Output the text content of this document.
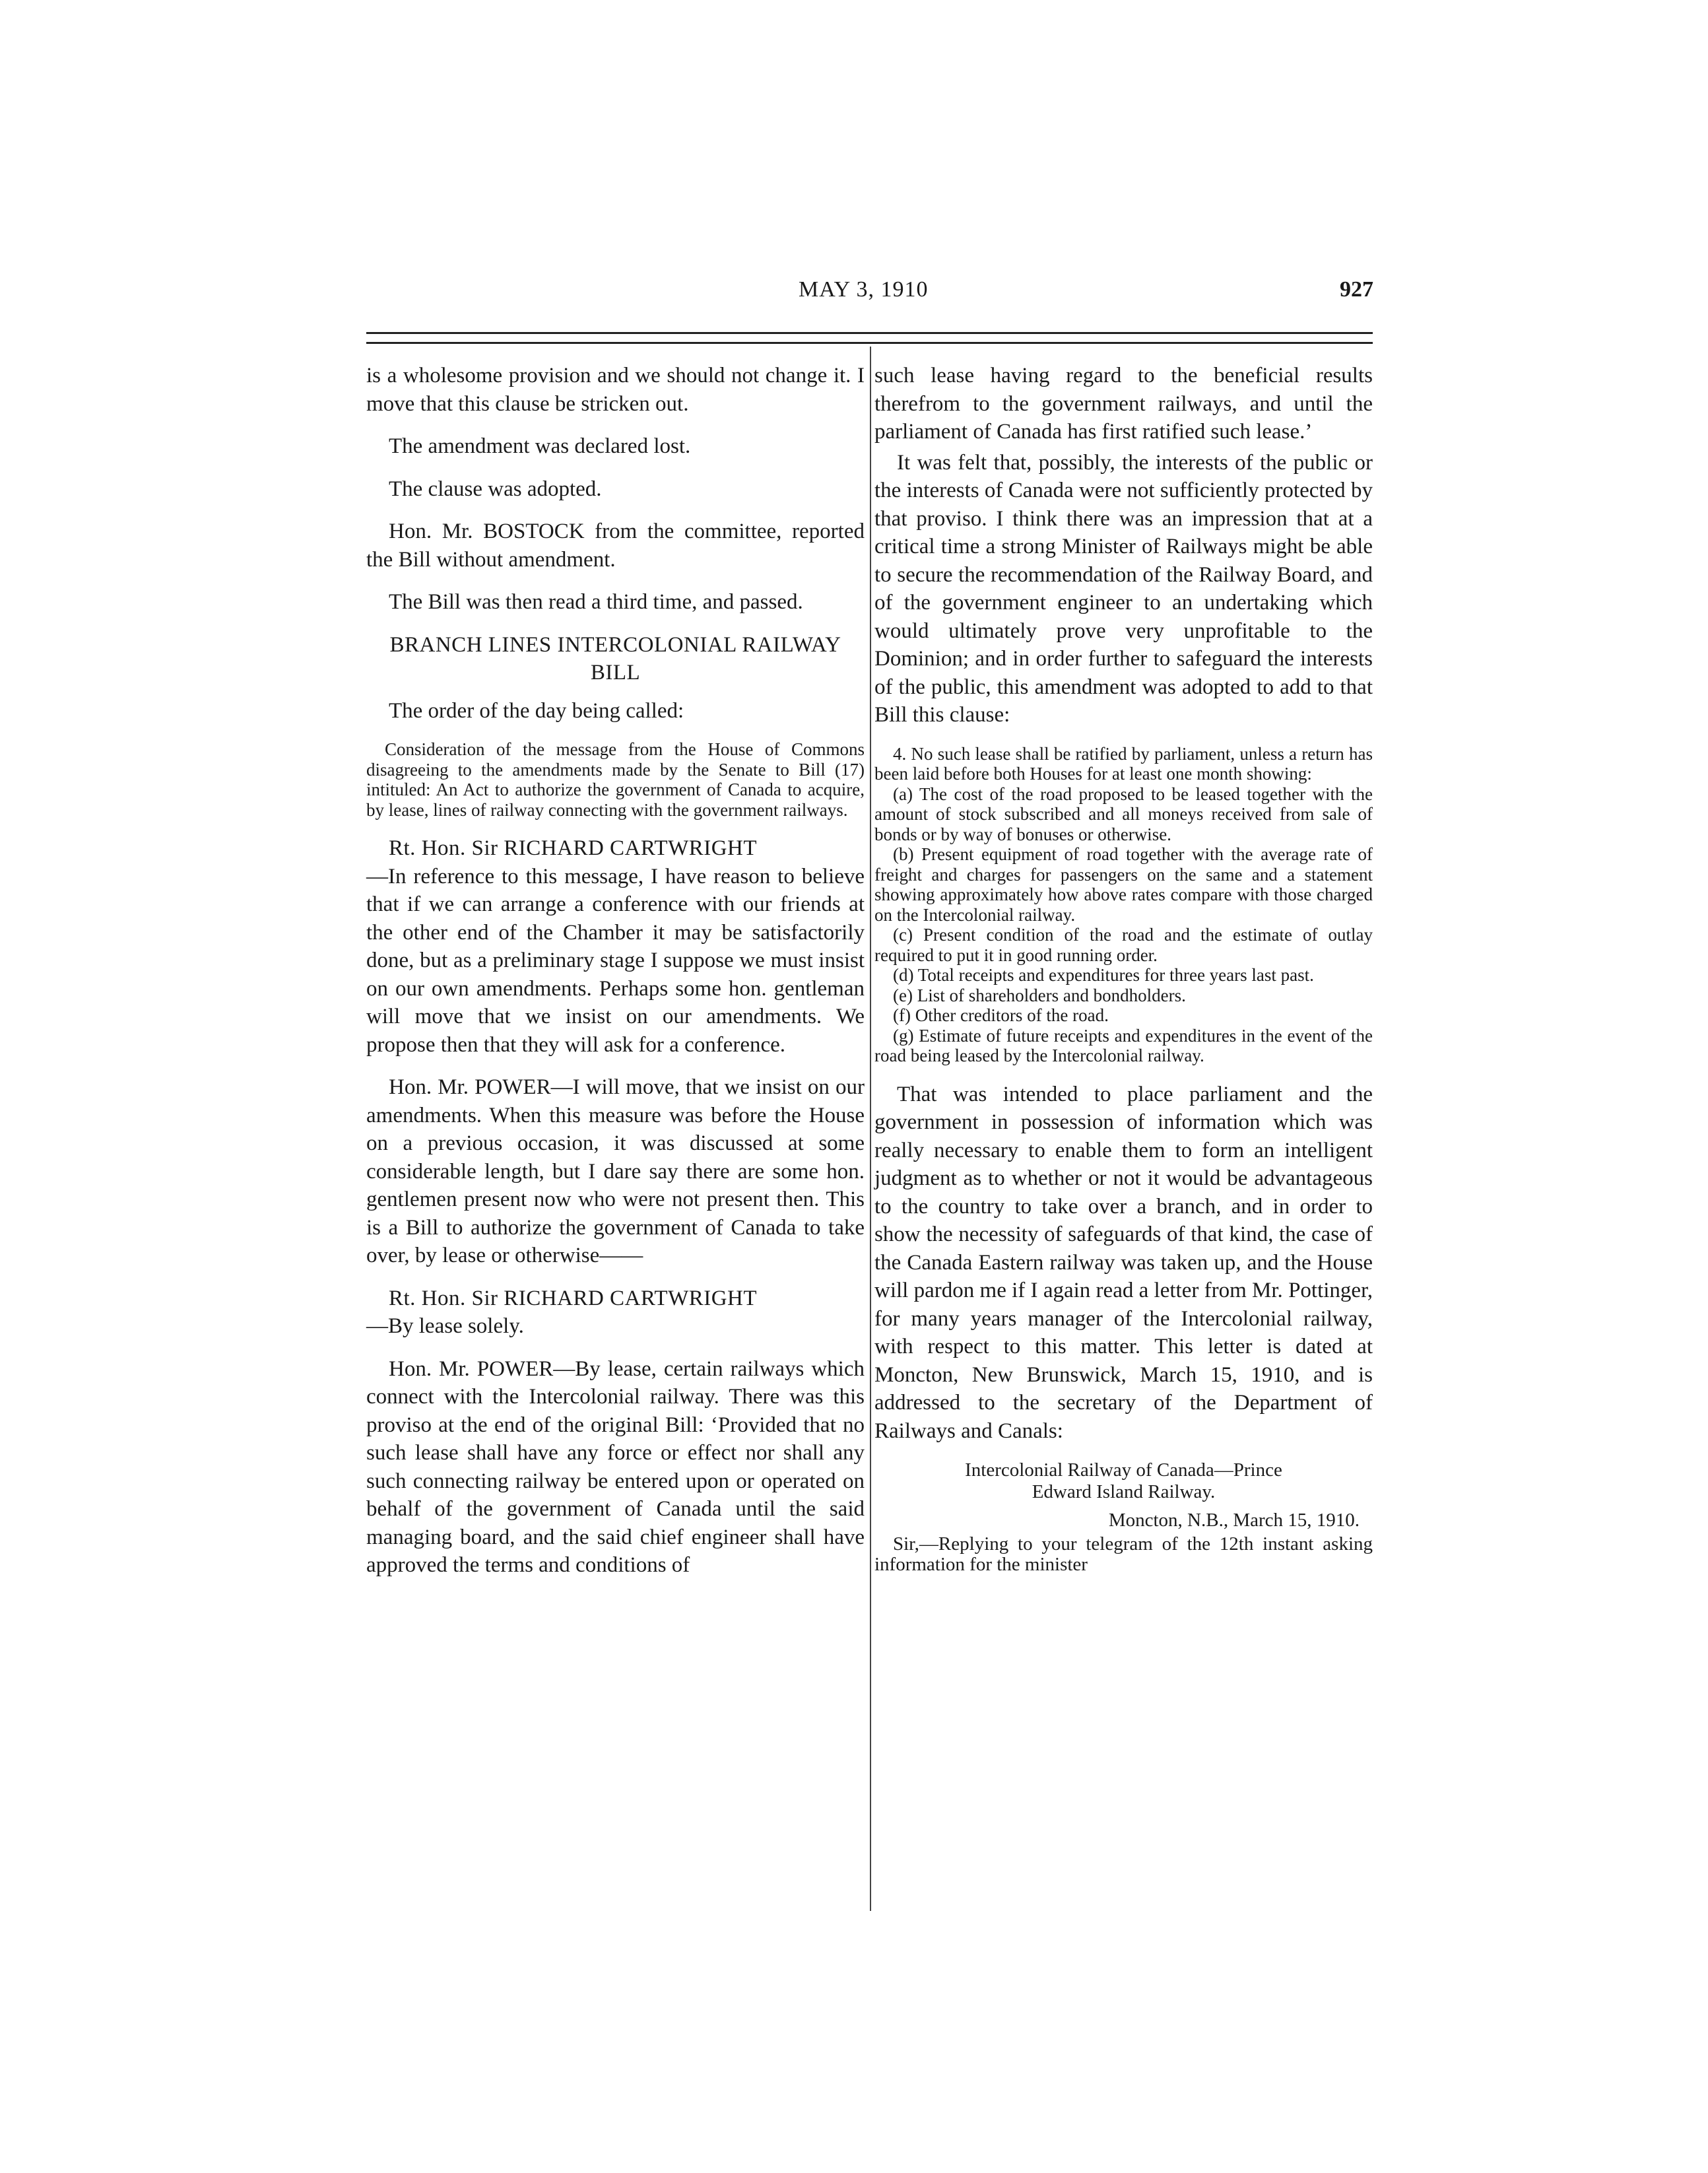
MAY 3, 1910	927

is a wholesome provision and we should not change it. I move that this clause be stricken out.

The amendment was declared lost.

The clause was adopted.

Hon. Mr. BOSTOCK from the committee, reported the Bill without amendment.

The Bill was then read a third time, and passed.

BRANCH LINES INTERCOLONIAL RAILWAY BILL

The order of the day being called:

Consideration of the message from the House of Commons disagreeing to the amendments made by the Senate to Bill (17) intituled: An Act to authorize the government of Canada to acquire, by lease, lines of railway connecting with the government railways.

Rt. Hon. Sir RICHARD CARTWRIGHT
—In reference to this message, I have reason to believe that if we can arrange a conference with our friends at the other end of the Chamber it may be satisfactorily done, but as a preliminary stage I suppose we must insist on our own amendments. Perhaps some hon. gentleman will move that we insist on our amendments. We propose then that they will ask for a conference.

Hon. Mr. POWER—I will move, that we insist on our amendments. When this measure was before the House on a previous occasion, it was discussed at some considerable length, but I dare say there are some hon. gentlemen present now who were not present then. This is a Bill to authorize the government of Canada to take over, by lease or otherwise——

Rt. Hon. Sir RICHARD CARTWRIGHT
—By lease solely.

Hon. Mr. POWER—By lease, certain railways which connect with the Intercolonial railway. There was this proviso at the end of the original Bill: ‘Provided that no such lease shall have any force or effect nor shall any such connecting railway be entered upon or operated on behalf of the government of Canada until the said managing board, and the said chief engineer shall have approved the terms and conditions of

such lease having regard to the beneficial results therefrom to the government railways, and until the parliament of Canada has first ratified such lease.’

It was felt that, possibly, the interests of the public or the interests of Canada were not sufficiently protected by that proviso. I think there was an impression that at a critical time a strong Minister of Railways might be able to secure the recommendation of the Railway Board, and of the government engineer to an undertaking which would ultimately prove very unprofitable to the Dominion; and in order further to safeguard the interests of the public, this amendment was adopted to add to that Bill this clause:

4. No such lease shall be ratified by parliament, unless a return has been laid before both Houses for at least one month showing:
(a) The cost of the road proposed to be leased together with the amount of stock subscribed and all moneys received from sale of bonds or by way of bonuses or otherwise.
(b) Present equipment of road together with the average rate of freight and charges for passengers on the same and a statement showing approximately how above rates compare with those charged on the Intercolonial railway.
(c) Present condition of the road and the estimate of outlay required to put it in good running order.
(d) Total receipts and expenditures for three years last past.
(e) List of shareholders and bondholders.
(f) Other creditors of the road.
(g) Estimate of future receipts and expenditures in the event of the road being leased by the Intercolonial railway.

That was intended to place parliament and the government in possession of information which was really necessary to enable them to form an intelligent judgment as to whether or not it would be advantageous to the country to take over a branch, and in order to show the necessity of safeguards of that kind, the case of the Canada Eastern railway was taken up, and the House will pardon me if I again read a letter from Mr. Pottinger, for many years manager of the Intercolonial railway, with respect to this matter. This letter is dated at Moncton, New Brunswick, March 15, 1910, and is addressed to the secretary of the Department of Railways and Canals:

Intercolonial Railway of Canada—Prince
Edward Island Railway.
Moncton, N.B., March 15, 1910.

Sir,—Replying to your telegram of the 12th instant asking information for the minister
